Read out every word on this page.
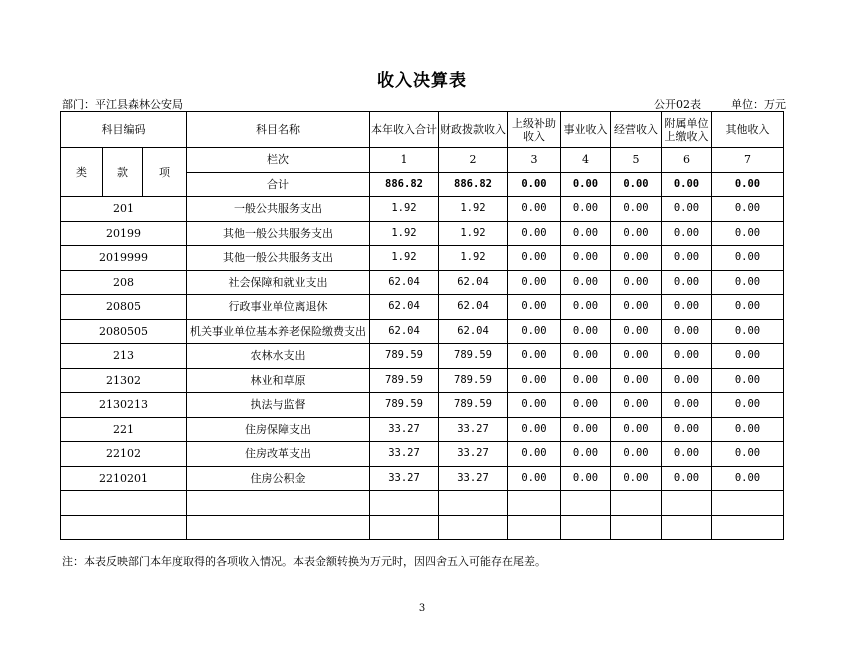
收入决算表
部门：平江县森林公安局	公开02表	单位：万元
科目编码			科目名称	本年收入合计	财政拨款收入	上级补助收入	事业收入	经营收入	附属单位上缴收入	其他收入
类	款	项	栏次	1	2	3	4	5	6	7
			合计	886.82	886.82	0.00	0.00	0.00	0.00	0.00
201			一般公共服务支出	1.92	1.92	0.00	0.00	0.00	0.00	0.00
20199			其他一般公共服务支出	1.92	1.92	0.00	0.00	0.00	0.00	0.00
2019999			其他一般公共服务支出	1.92	1.92	0.00	0.00	0.00	0.00	0.00
208			社会保障和就业支出	62.04	62.04	0.00	0.00	0.00	0.00	0.00
20805			行政事业单位离退休	62.04	62.04	0.00	0.00	0.00	0.00	0.00
2080505			机关事业单位基本养老保险缴费支出	62.04	62.04	0.00	0.00	0.00	0.00	0.00
213			农林水支出	789.59	789.59	0.00	0.00	0.00	0.00	0.00
21302			林业和草原	789.59	789.59	0.00	0.00	0.00	0.00	0.00
2130213			执法与监督	789.59	789.59	0.00	0.00	0.00	0.00	0.00
221			住房保障支出	33.27	33.27	0.00	0.00	0.00	0.00	0.00
22102			住房改革支出	33.27	33.27	0.00	0.00	0.00	0.00	0.00
2210201			住房公积金	33.27	33.27	0.00	0.00	0.00	0.00	0.00

注：本表反映部门本年度取得的各项收入情况。本表金额转换为万元时，因四舍五入可能存在尾差。
3
